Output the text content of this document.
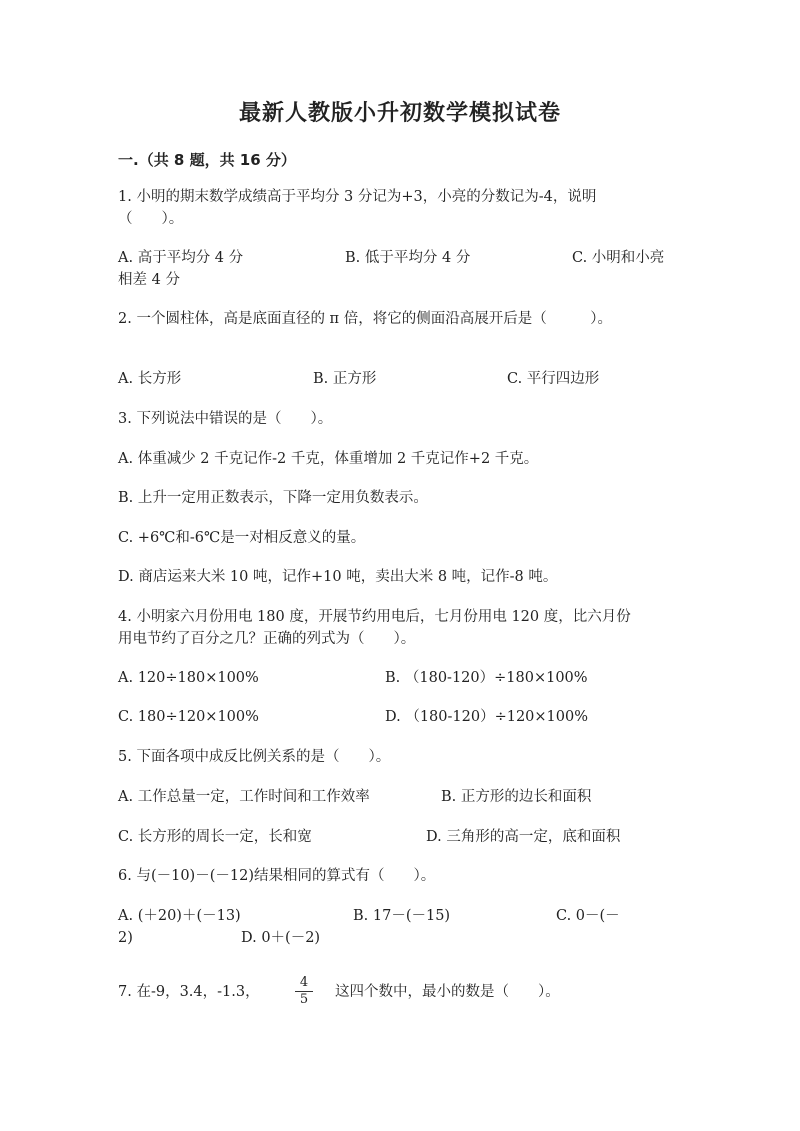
最新人教版小升初数学模拟试卷
一.（共 8 题，共 16 分）
1. 小明的期末数学成绩高于平均分 3 分记为+3，小亮的分数记为-4，说明
（　　）。
A. 高于平均分 4 分	B. 低于平均分 4 分	C. 小明和小亮
相差 4 分
2. 一个圆柱体，高是底面直径的 π 倍，将它的侧面沿高展开后是（　　　）。
A. 长方形	B. 正方形	C. 平行四边形
3. 下列说法中错误的是（　　）。
A. 体重减少 2 千克记作-2 千克，体重增加 2 千克记作+2 千克。
B. 上升一定用正数表示，下降一定用负数表示。
C. +6℃和-6℃是一对相反意义的量。
D. 商店运来大米 10 吨，记作+10 吨，卖出大米 8 吨，记作-8 吨。
4. 小明家六月份用电 180 度，开展节约用电后，七月份用电 120 度，比六月份
用电节约了百分之几？正确的列式为（　　）。
A. 120÷180×100%	B. （180-120）÷180×100%
C. 180÷120×100%	D. （180-120）÷120×100%
5. 下面各项中成反比例关系的是（　　）。
A. 工作总量一定，工作时间和工作效率	B. 正方形的边长和面积
C. 长方形的周长一定，长和宽	D. 三角形的高一定，底和面积
6. 与(－10)－(－12)结果相同的算式有（　　）。
A. (＋20)＋(－13)	B. 17－(－15)	C. 0－(－
2)	D. 0＋(－2)
7. 在-9，3.4，-1.3，	$\frac{4}{5}$ 这四个数中，最小的数是（　　）。
